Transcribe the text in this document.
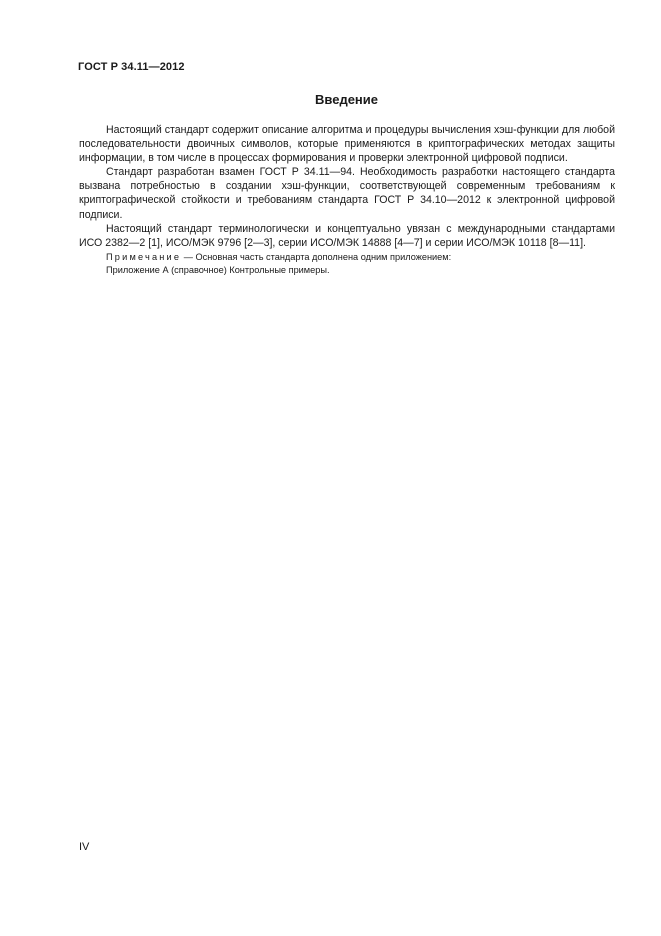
ГОСТ Р 34.11—2012
Введение

Настоящий стандарт содержит описание алгоритма и процедуры вычисления хэш-функции для любой последовательности двоичных символов, которые применяются в криптографических методах защиты информации, в том числе в процессах формирования и проверки электронной цифровой подписи.

Стандарт разработан взамен ГОСТ Р 34.11—94. Необходимость разработки настоящего стандарта вызвана потребностью в создании хэш-функции, соответствующей современным требованиям к криптографической стойкости и требованиям стандарта ГОСТ Р 34.10—2012 к электронной цифровой подписи.

Настоящий стандарт терминологически и концептуально увязан с международными стандартами ИСО 2382—2 [1], ИСО/МЭК 9796 [2—3], серии ИСО/МЭК 14888 [4—7] и серии ИСО/МЭК 10118 [8—11].

Примечание — Основная часть стандарта дополнена одним приложением:
Приложение А (справочное) Контрольные примеры.
IV
